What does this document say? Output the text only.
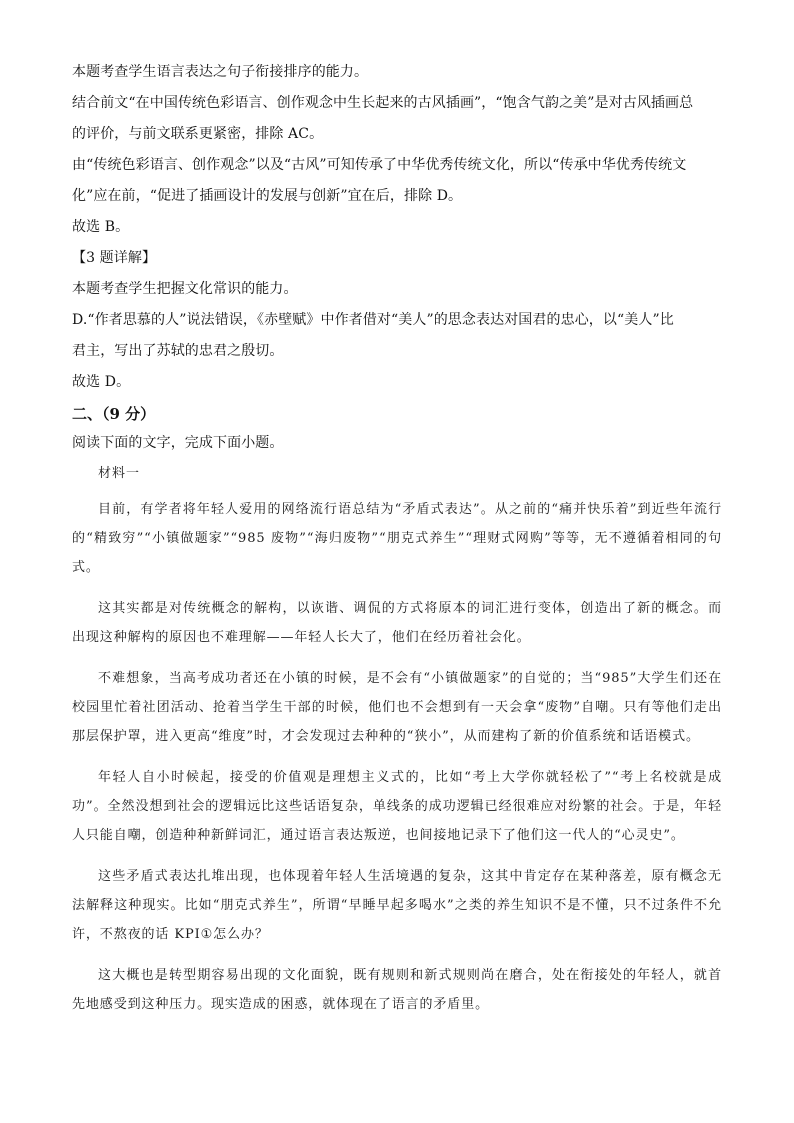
本题考查学生语言表达之句子衔接排序的能力。

结合前文“在中国传统色彩语言、创作观念中生长起来的古风插画”，“饱含气韵之美”是对古风插画总

的评价，与前文联系更紧密，排除 AC。

由“传统色彩语言、创作观念”以及“古风”可知传承了中华优秀传统文化，所以“传承中华优秀传统文

化”应在前，“促进了插画设计的发展与创新”宜在后，排除 D。

故选 B。

【3 题详解】

本题考查学生把握文化常识的能力。

D.“作者思慕的人”说法错误，《赤壁赋》中作者借对“美人”的思念表达对国君的忠心，以“美人”比

君主，写出了苏轼的忠君之殷切。

故选 D。

二、（9 分）

阅读下面的文字，完成下面小题。

材料一

目前，有学者将年轻人爱用的网络流行语总结为“矛盾式表达”。从之前的“痛并快乐着”到近些年流行的“精致穷”“小镇做题家”“985 废物”“海归废物”“朋克式养生”“理财式网购”等等，无不遵循着相同的句式。

这其实都是对传统概念的解构，以诙谐、调侃的方式将原本的词汇进行变体，创造出了新的概念。而出现这种解构的原因也不难理解——年轻人长大了，他们在经历着社会化。

不难想象，当高考成功者还在小镇的时候，是不会有“小镇做题家”的自觉的；当“985”大学生们还在校园里忙着社团活动、抢着当学生干部的时候，他们也不会想到有一天会拿“废物”自嘲。只有等他们走出那层保护罩，进入更高“维度”时，才会发现过去种种的“狭小”，从而建构了新的价值系统和话语模式。

年轻人自小时候起，接受的价值观是理想主义式的，比如“考上大学你就轻松了”“考上名校就是成功”。全然没想到社会的逻辑远比这些话语复杂，单线条的成功逻辑已经很难应对纷繁的社会。于是，年轻人只能自嘲，创造种种新鲜词汇，通过语言表达叛逆，也间接地记录下了他们这一代人的“心灵史”。

这些矛盾式表达扎堆出现，也体现着年轻人生活境遇的复杂，这其中肯定存在某种落差，原有概念无法解释这种现实。比如“朋克式养生”，所谓“早睡早起多喝水”之类的养生知识不是不懂，只不过条件不允许，不熬夜的话 KPI①怎么办？

这大概也是转型期容易出现的文化面貌，既有规则和新式规则尚在磨合，处在衔接处的年轻人，就首先地感受到这种压力。现实造成的困惑，就体现在了语言的矛盾里。
